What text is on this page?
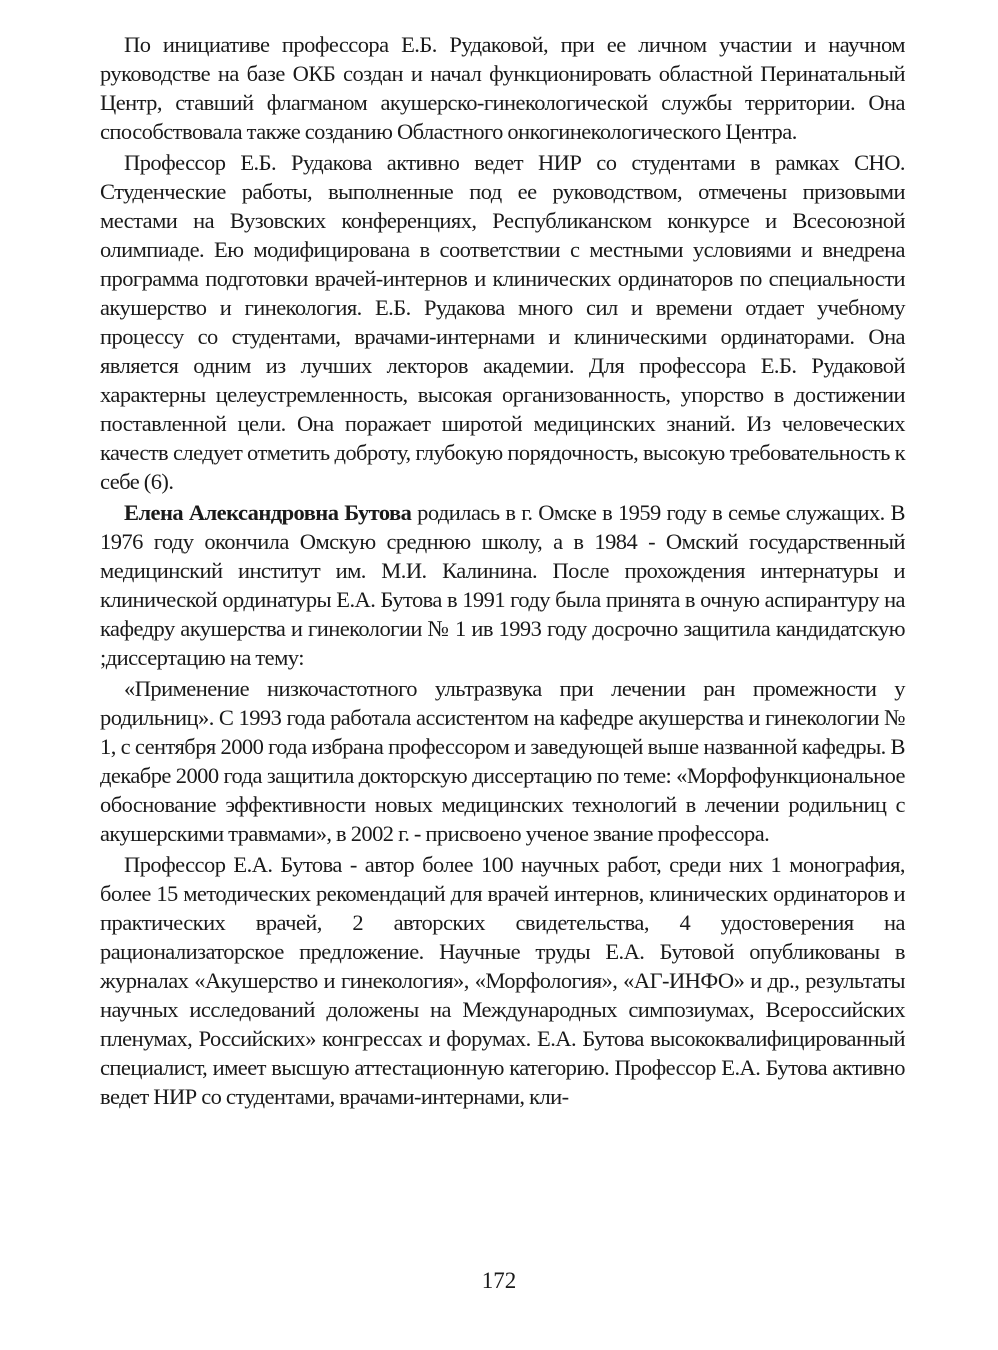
По инициативе профессора Е.Б. Рудаковой, при ее личном участии и научном руководстве на базе ОКБ создан и начал функционировать областной Перинатальный Центр, ставший флагманом акушерско-гинекологической службы территории. Она способствовала также созданию Областного онкогинекологического Центра.

Профессор Е.Б. Рудакова активно ведет НИР со студентами в рамках СНО. Студенческие работы, выполненные под ее руководством, отмечены призовыми местами на Вузовских конференциях, Республиканском конкурсе и Всесоюзной олимпиаде. Ею модифицирована в соответствии с местными условиями и внедрена программа подготовки врачей-интернов и клинических ординаторов по специальности акушерство и гинекология. Е.Б. Рудакова много сил и времени отдает учебному процессу со студентами, врачами-интернами и клиническими ординаторами. Она является одним из лучших лекторов академии. Для профессора Е.Б. Рудаковой характерны целеустремленность, высокая организованность, упорство в достижении поставленной цели. Она поражает широтой медицинских знаний. Из человеческих качеств следует отметить доброту, глубокую порядочность, высокую требовательность к себе (6).

Елена Александровна Бутова родилась в г. Омске в 1959 году в семье служащих. В 1976 году окончила Омскую среднюю школу, а в 1984 - Омский государственный медицинский институт им. М.И. Калинина. После прохождения интернатуры и клинической ординатуры Е.А. Бутова в 1991 году была принята в очную аспирантуру на кафедру акушерства и гинекологии № 1 ив 1993 году досрочно защитила кандидатскую ;диссертацию на тему:

«Применение низкочастотного ультразвука при лечении ран промежности у родильниц». С 1993 года работала ассистентом на кафедре акушерства и гинекологии № 1, с сентября 2000 года избрана профессором и заведующей выше названной кафедры. В декабре 2000 года защитила докторскую диссертацию по теме: «Морфофункциональное обоснование эффективности новых медицинских технологий в лечении родильниц с акушерскими травмами», в 2002 г. - присвоено ученое звание профессора.

Профессор Е.А. Бутова - автор более 100 научных работ, среди них 1 монография, более 15 методических рекомендаций для врачей интернов, клинических ординаторов и практических врачей, 2 авторских свидетельства, 4 удостоверения на рационализаторское предложение. Научные труды Е.А. Бутовой опубликованы в журналах «Акушерство и гинекология», «Морфология», «АГ-ИНФО» и др., результаты научных исследований доложены на Международных симпозиумах, Всероссийских пленумах, Российских» конгрессах и форумах. Е.А. Бутова высококвалифицированный специалист, имеет высшую аттестационную категорию. Профессор Е.А. Бутова активно ведет НИР со студентами, врачами-интернами, кли-

172
